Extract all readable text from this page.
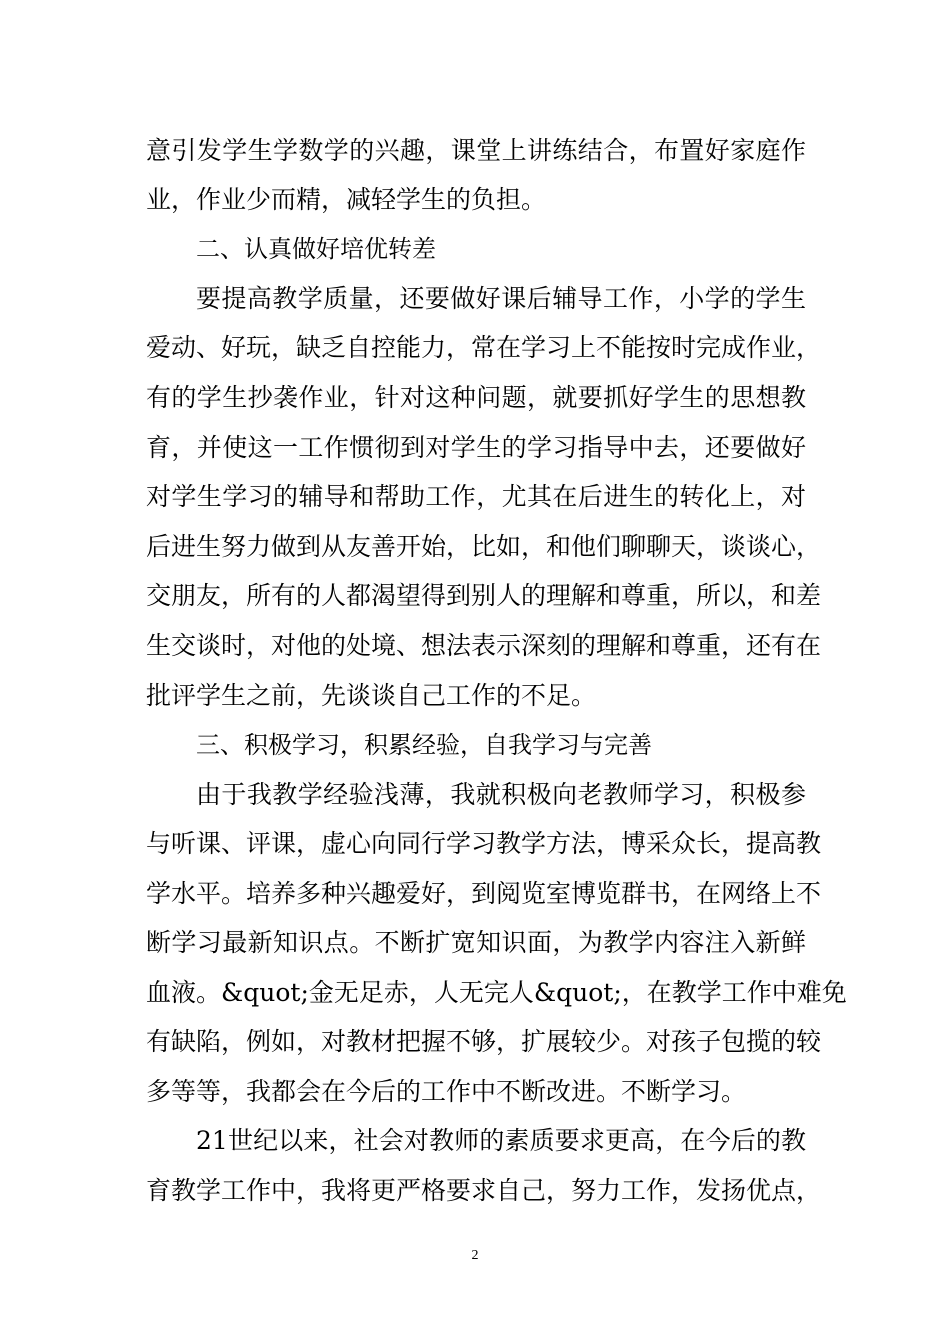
意引发学生学数学的兴趣，课堂上讲练结合，布置好家庭作
业，作业少而精，减轻学生的负担。
二、认真做好培优转差
要提高教学质量，还要做好课后辅导工作，小学的学生
爱动、好玩，缺乏自控能力，常在学习上不能按时完成作业，
有的学生抄袭作业，针对这种问题，就要抓好学生的思想教
育，并使这一工作惯彻到对学生的学习指导中去，还要做好
对学生学习的辅导和帮助工作，尤其在后进生的转化上，对
后进生努力做到从友善开始，比如，和他们聊聊天，谈谈心，
交朋友，所有的人都渴望得到别人的理解和尊重，所以，和差
生交谈时，对他的处境、想法表示深刻的理解和尊重，还有在
批评学生之前，先谈谈自己工作的不足。
三、积极学习，积累经验，自我学习与完善
由于我教学经验浅薄，我就积极向老教师学习，积极参
与听课、评课，虚心向同行学习教学方法，博采众长，提高教
学水平。培养多种兴趣爱好，到阅览室博览群书，在网络上不
断学习最新知识点。不断扩宽知识面，为教学内容注入新鲜
血液。&quot;金无足赤，人无完人&quot;，在教学工作中难免
有缺陷，例如，对教材把握不够，扩展较少。对孩子包揽的较
多等等，我都会在今后的工作中不断改进。不断学习。
21世纪以来，社会对教师的素质要求更高，在今后的教
育教学工作中，我将更严格要求自己，努力工作，发扬优点，
2
